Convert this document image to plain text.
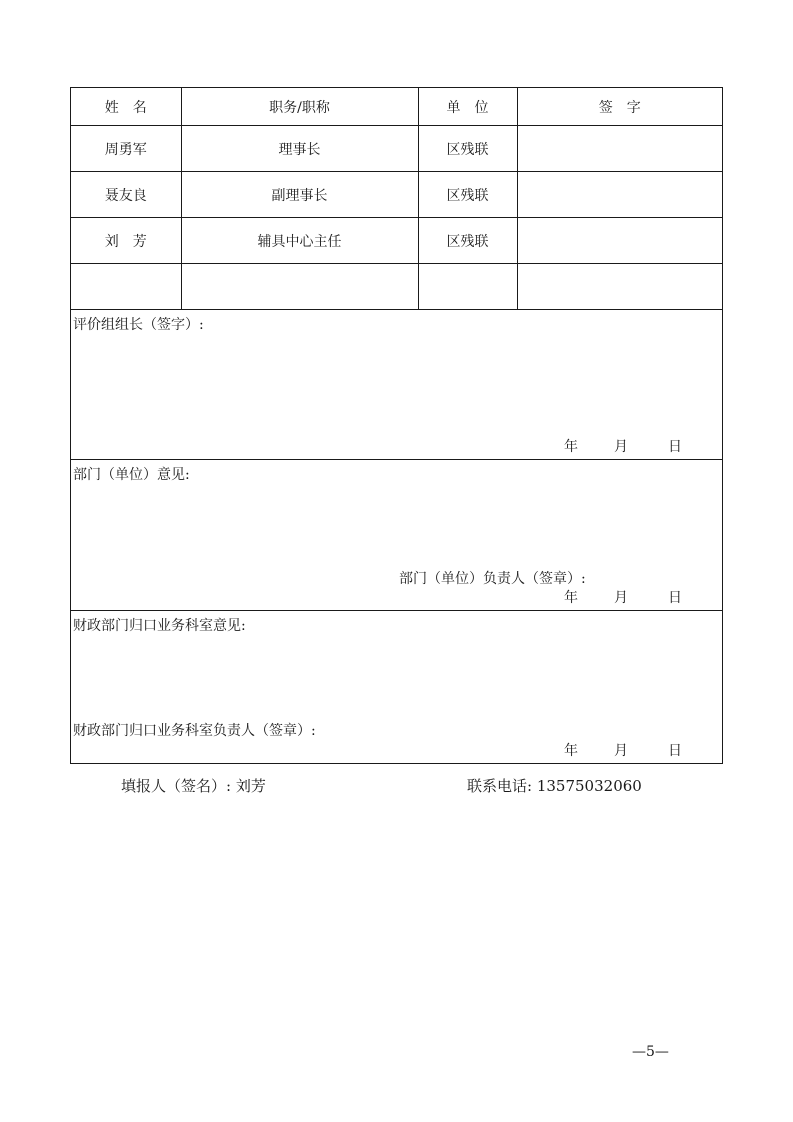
姓　名	职务/职称	单　位	签　字
周勇军	理事长	区残联	
聂友良	副理事长	区残联	
刘　芳	辅具中心主任	区残联	

评价组组长（签字）:
年	月	日
部门（单位）意见:
部门（单位）负责人（签章）:
年	月	日
财政部门归口业务科室意见:
财政部门归口业务科室负责人（签章）:
年	月	日
填报人（签名）: 刘芳	联系电话: 13575032060
—5—
